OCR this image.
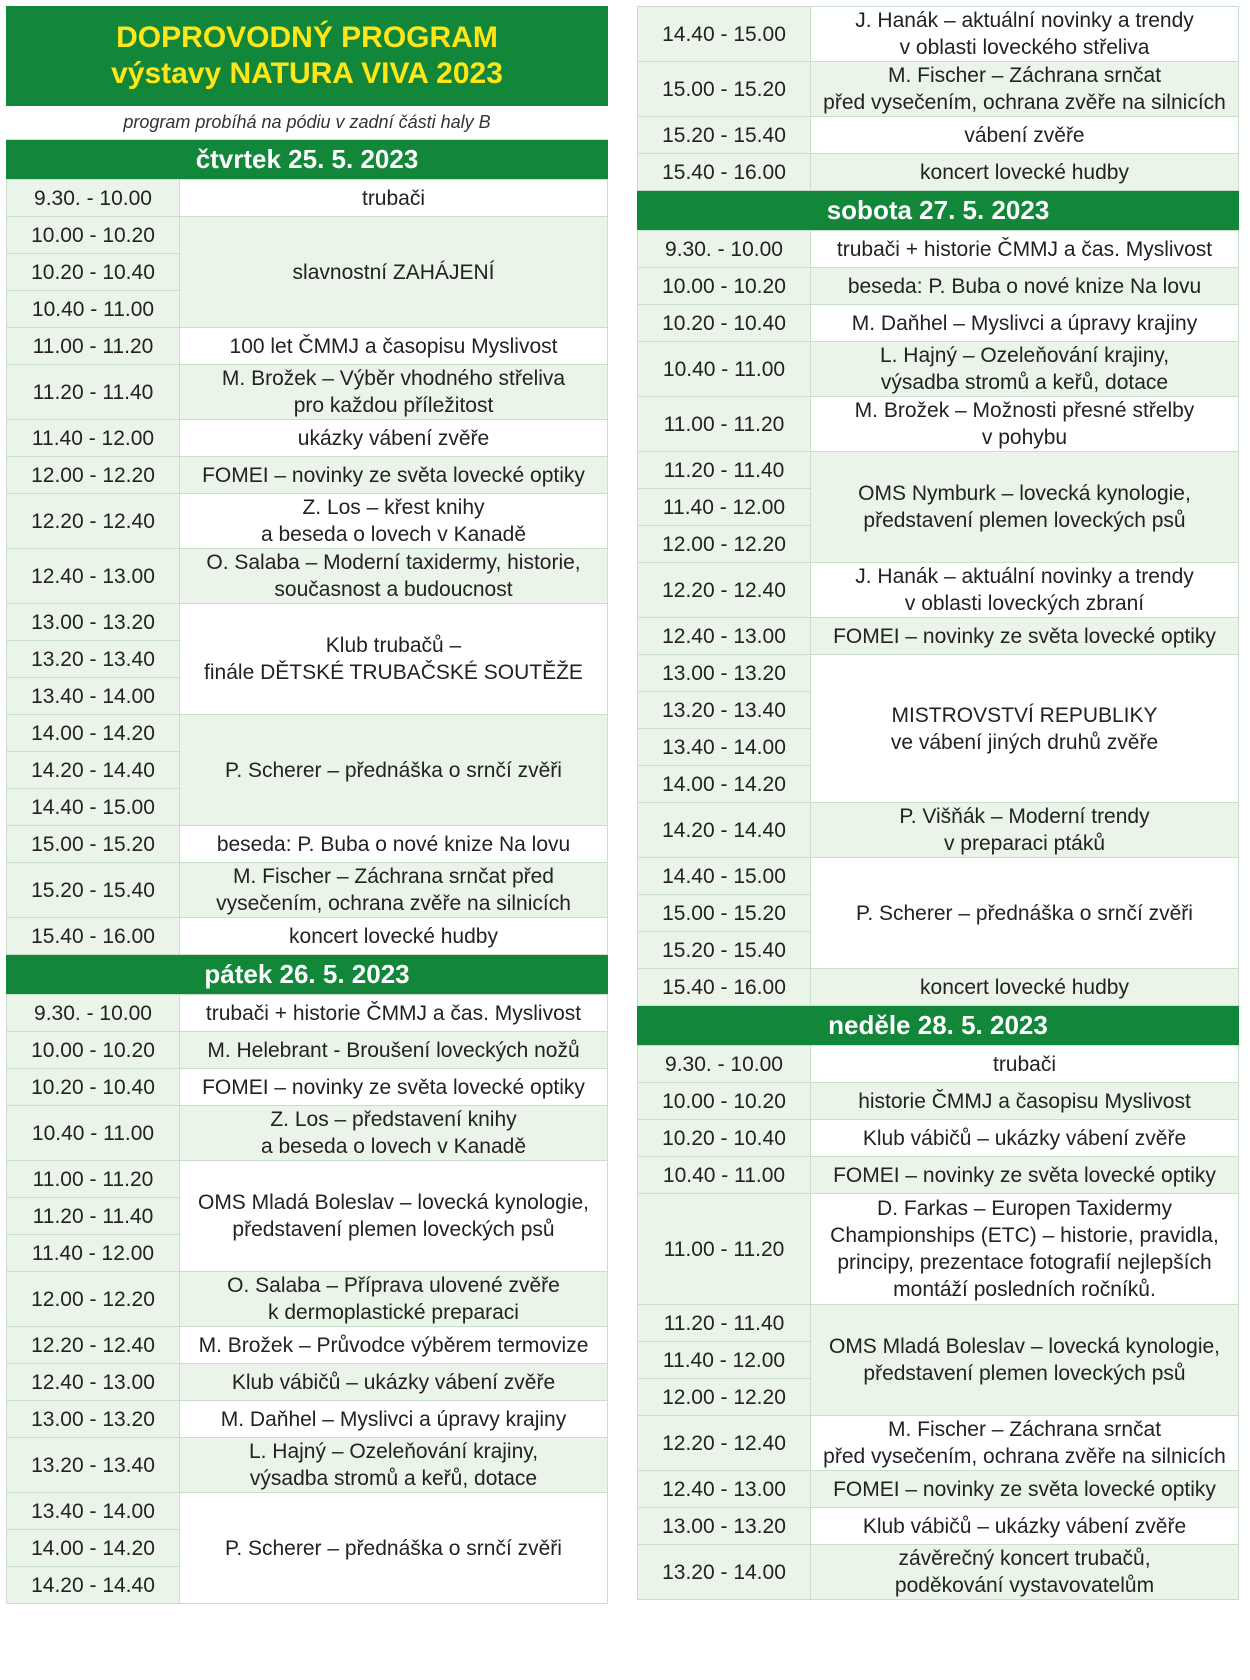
DOPROVODNÝ PROGRAM
výstavy NATURA VIVA 2023
program probíhá na pódiu v zadní části haly B
čtvrtek 25. 5. 2023
9.30. - 10.00	trubači

10.00 - 10.20	slavnostní ZAHÁJENÍ

10.20 - 10.40	
10.40 - 11.00	
11.00 - 11.20	100 let ČMMJ a časopisu Myslivost

11.20 - 11.40	M. Brožek – Výběr vhodného střeliva
pro každou příležitost

11.40 - 12.00	ukázky vábení zvěře

12.00 - 12.20	FOMEI – novinky ze světa lovecké optiky

12.20 - 12.40	Z. Los – křest knihy
a beseda o lovech v Kanadě

12.40 - 13.00	O. Salaba – Moderní taxidermy, historie,
současnost a budoucnost

13.00 - 13.20	Klub trubačů –
finále DĚTSKÉ TRUBAČSKÉ SOUTĚŽE

13.20 - 13.40	
13.40 - 14.00	
14.00 - 14.20	P. Scherer – přednáška o srnčí zvěři

14.20 - 14.40	
14.40 - 15.00	
15.00 - 15.20	beseda: P. Buba o nové knize Na lovu

15.20 - 15.40	M. Fischer – Záchrana srnčat před
vysečením, ochrana zvěře na silnicích

15.40 - 16.00	koncert lovecké hudby
pátek 26. 5. 2023
9.30. - 10.00	trubači + historie ČMMJ a čas. Myslivost

10.00 - 10.20	M. Helebrant - Broušení loveckých nožů

10.20 - 10.40	FOMEI – novinky ze světa lovecké optiky

10.40 - 11.00	Z. Los – představení knihy
a beseda o lovech v Kanadě

11.00 - 11.20	OMS Mladá Boleslav – lovecká kynologie,
představení plemen loveckých psů

11.20 - 11.40	
11.40 - 12.00	
12.00 - 12.20	O. Salaba – Příprava ulovené zvěře
k dermoplastické preparaci

12.20 - 12.40	M. Brožek – Průvodce výběrem termovize

12.40 - 13.00	Klub vábičů – ukázky vábení zvěře

13.00 - 13.20	M. Daňhel – Myslivci a úpravy krajiny

13.20 - 13.40	L. Hajný – Ozeleňování krajiny,
výsadba stromů a keřů, dotace

13.40 - 14.00	P. Scherer – přednáška o srnčí zvěři

14.00 - 14.20	
14.20 - 14.40	
14.40 - 15.00	J. Hanák – aktuální novinky a trendy
v oblasti loveckého střeliva

15.00 - 15.20	M. Fischer – Záchrana srnčat
před vysečením, ochrana zvěře na silnicích

15.20 - 15.40	vábení zvěře

15.40 - 16.00	koncert lovecké hudby
sobota 27. 5. 2023
9.30. - 10.00	trubači + historie ČMMJ a čas. Myslivost

10.00 - 10.20	beseda: P. Buba o nové knize Na lovu

10.20 - 10.40	M. Daňhel – Myslivci a úpravy krajiny

10.40 - 11.00	L. Hajný – Ozeleňování krajiny,
výsadba stromů a keřů, dotace

11.00 - 11.20	M. Brožek – Možnosti přesné střelby
v pohybu

11.20 - 11.40	OMS Nymburk – lovecká kynologie,
představení plemen loveckých psů

11.40 - 12.00	
12.00 - 12.20	
12.20 - 12.40	J. Hanák – aktuální novinky a trendy
v oblasti loveckých zbraní

12.40 - 13.00	FOMEI – novinky ze světa lovecké optiky

13.00 - 13.20	MISTROVSTVÍ REPUBLIKY
ve vábení jiných druhů zvěře

13.20 - 13.40	
13.40 - 14.00	
14.00 - 14.20	
14.20 - 14.40	P. Višňák – Moderní trendy
v preparaci ptáků

14.40 - 15.00	P. Scherer – přednáška o srnčí zvěři

15.00 - 15.20	
15.20 - 15.40	
15.40 - 16.00	koncert lovecké hudby
neděle 28. 5. 2023
9.30. - 10.00	trubači

10.00 - 10.20	historie ČMMJ a časopisu Myslivost

10.20 - 10.40	Klub vábičů – ukázky vábení zvěře

10.40 - 11.00	FOMEI – novinky ze světa lovecké optiky

11.00 - 11.20	D. Farkas – Europen Taxidermy
Championships (ETC) – historie, pravidla,
principy, prezentace fotografií nejlepších
montáží posledních ročníků.

11.20 - 11.40	OMS Mladá Boleslav – lovecká kynologie,
představení plemen loveckých psů

11.40 - 12.00	
12.00 - 12.20	
12.20 - 12.40	M. Fischer – Záchrana srnčat
před vysečením, ochrana zvěře na silnicích

12.40 - 13.00	FOMEI – novinky ze světa lovecké optiky

13.00 - 13.20	Klub vábičů – ukázky vábení zvěře

13.20 - 14.00	závěrečný koncert trubačů,
poděkování vystavovatelům
